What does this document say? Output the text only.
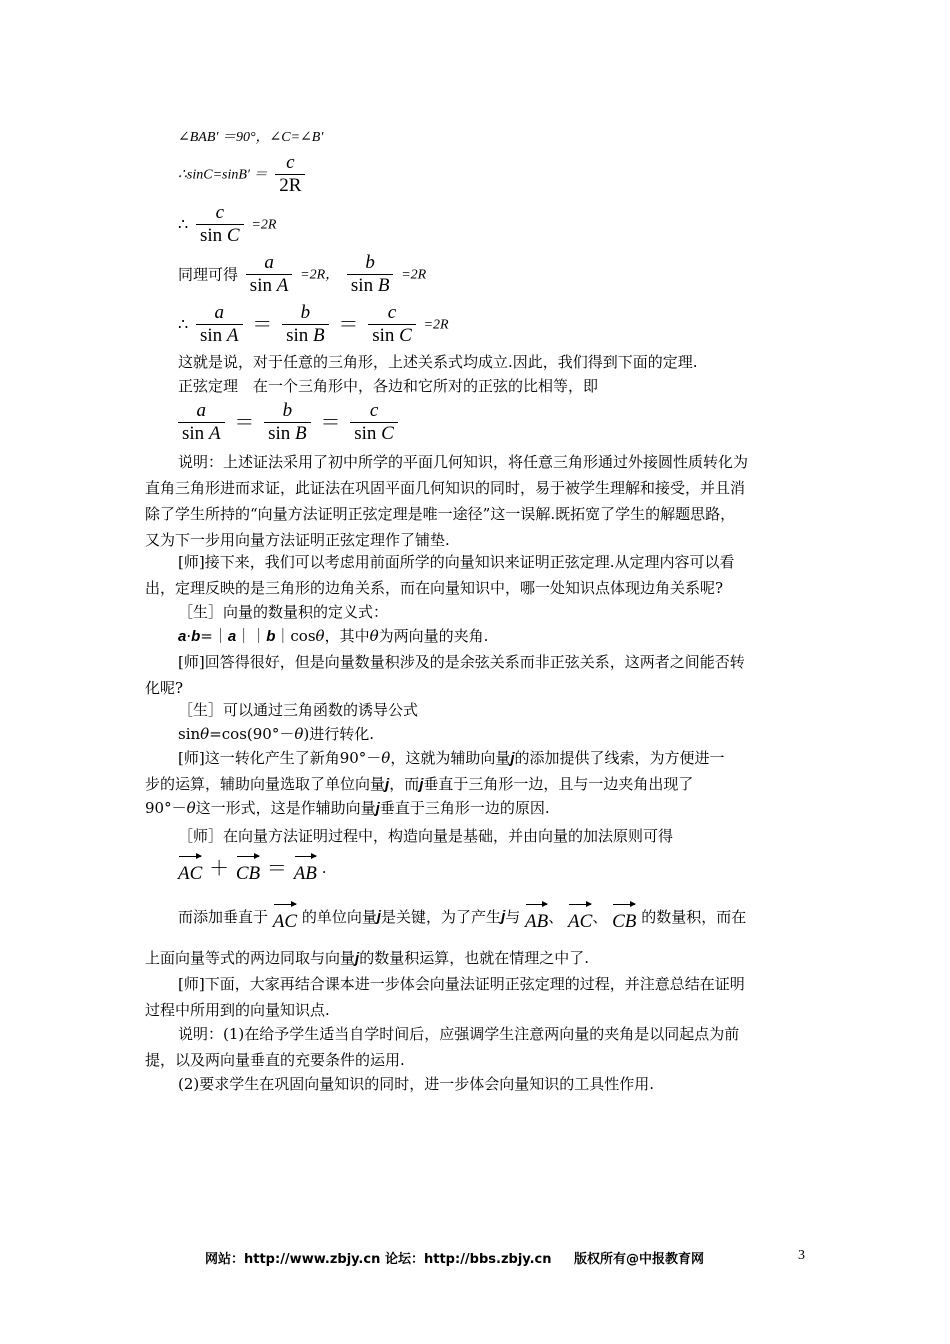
∠BAB′ ＝90°，∠C=∠B′
∴sinC=sinB′ ＝ $\frac{c}{2R}$
∴ $\frac{c}{\text{sin C}} =2R$
同理可得 $\frac{a}{\text{sin A}} =2R$， $\frac{b}{\text{sin B}} =2R$
∴ $\frac{a}{\text{sin A}} = \frac{b}{\text{sin B}} = \frac{c}{\text{sin C}} =2R$
这就是说，对于任意的三角形，上述关系式均成立.因此，我们得到下面的定理.
正弦定理　在一个三角形中，各边和它所对的正弦的比相等，即
$\frac{a}{\text{sin A}} = \frac{b}{\text{sin B}} = \frac{c}{\text{sin C}}$
说明：上述证法采用了初中所学的平面几何知识，将任意三角形通过外接圆性质转化为
直角三角形进而求证，此证法在巩固平面几何知识的同时，易于被学生理解和接受，并且消
除了学生所持的“向量方法证明正弦定理是唯一途径”这一误解.既拓宽了学生的解题思路，
又为下一步用向量方法证明正弦定理作了铺垫.
[师]接下来，我们可以考虑用前面所学的向量知识来证明正弦定理.从定理内容可以看
出，定理反映的是三角形的边角关系，而在向量知识中，哪一处知识点体现边角关系呢?
［生］向量的数量积的定义式：
a·b=｜a｜｜b｜cosθ，其中θ为两向量的夹角.
[师]回答得很好，但是向量数量积涉及的是余弦关系而非正弦关系，这两者之间能否转
化呢?
［生］可以通过三角函数的诱导公式
sinθ=cos(90°－θ)进行转化.
[师]这一转化产生了新角90°－θ，这就为辅助向量j的添加提供了线索，为方便进一
步的运算，辅助向量选取了单位向量j，而j垂直于三角形一边，且与一边夹角出现了
90°－θ这一形式，这是作辅助向量j垂直于三角形一边的原因.
［师］在向量方法证明过程中，构造向量是基础，并由向量的加法原则可得
AC ＋ CB ＝ AB .
而添加垂直于 AC 的单位向量j是关键，为了产生j与 AB、 AC、 CB 的数量积，而在
上面向量等式的两边同取与向量j的数量积运算，也就在情理之中了.
[师]下面，大家再结合课本进一步体会向量法证明正弦定理的过程，并注意总结在证明
过程中所用到的向量知识点.
说明：(1)在给予学生适当自学时间后，应强调学生注意两向量的夹角是以同起点为前
提，以及两向量垂直的充要条件的运用.
(2)要求学生在巩固向量知识的同时，进一步体会向量知识的工具性作用.
网站：http://www.zbjy.cn 论坛：http://bbs.zbjy.cn 版权所有@中报教育网	3
